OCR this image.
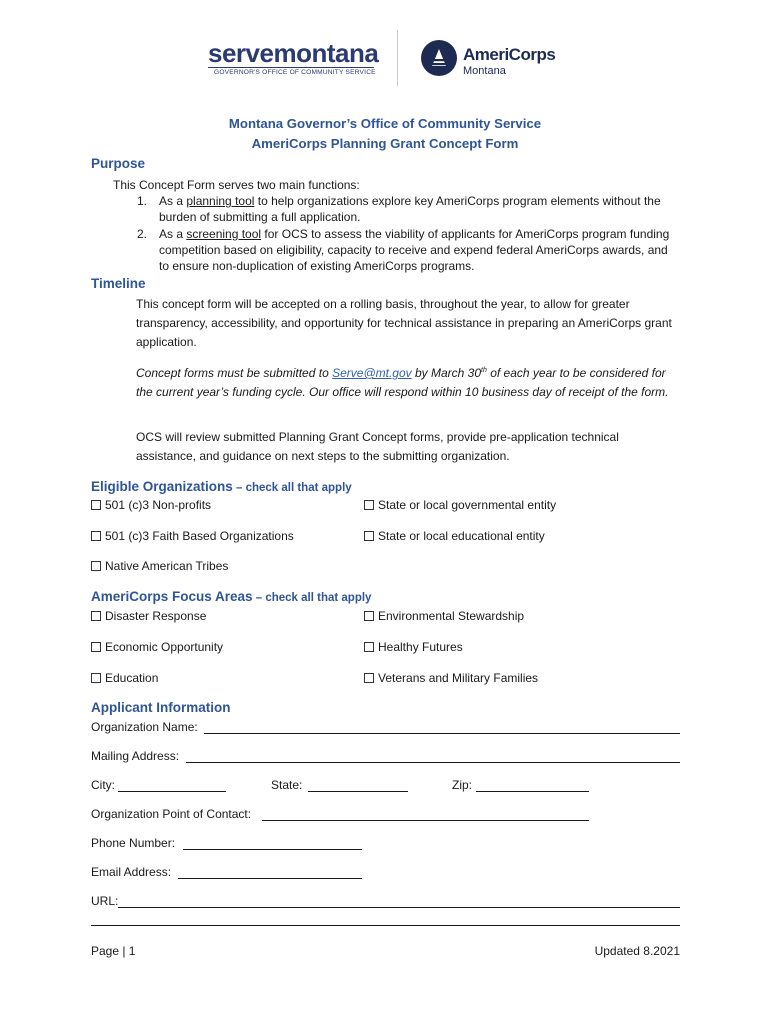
servemontana
GOVERNOR'S OFFICE OF COMMUNITY SERVICE
AmeriCorps
Montana
Montana Governor’s Office of Community Service
AmeriCorps Planning Grant Concept Form
Purpose
This Concept Form serves two main functions:
1. As a planning tool to help organizations explore key AmeriCorps program elements without the
burden of submitting a full application.
2. As a screening tool for OCS to assess the viability of applicants for AmeriCorps program funding
competition based on eligibility, capacity to receive and expend federal AmeriCorps awards, and
to ensure non-duplication of existing AmeriCorps programs.
Timeline
This concept form will be accepted on a rolling basis, throughout the year, to allow for greater transparency, accessibility, and opportunity for technical assistance in preparing an AmeriCorps grant application.
Concept forms must be submitted to Serve@mt.gov by March 30th of each year to be considered for the current year’s funding cycle. Our office will respond within 10 business day of receipt of the form.
OCS will review submitted Planning Grant Concept forms, provide pre-application technical assistance, and guidance on next steps to the submitting organization.
Eligible Organizations – check all that apply
501 (c)3 Non-profits	State or local governmental entity
501 (c)3 Faith Based Organizations	State or local educational entity
Native American Tribes
AmeriCorps Focus Areas – check all that apply
Disaster Response	Environmental Stewardship
Economic Opportunity	Healthy Futures
Education	Veterans and Military Families
Applicant Information
Organization Name:
Mailing Address:
City:	State:	Zip:
Organization Point of Contact:
Phone Number:
Email Address:
URL:
Page | 1	Updated 8.2021
